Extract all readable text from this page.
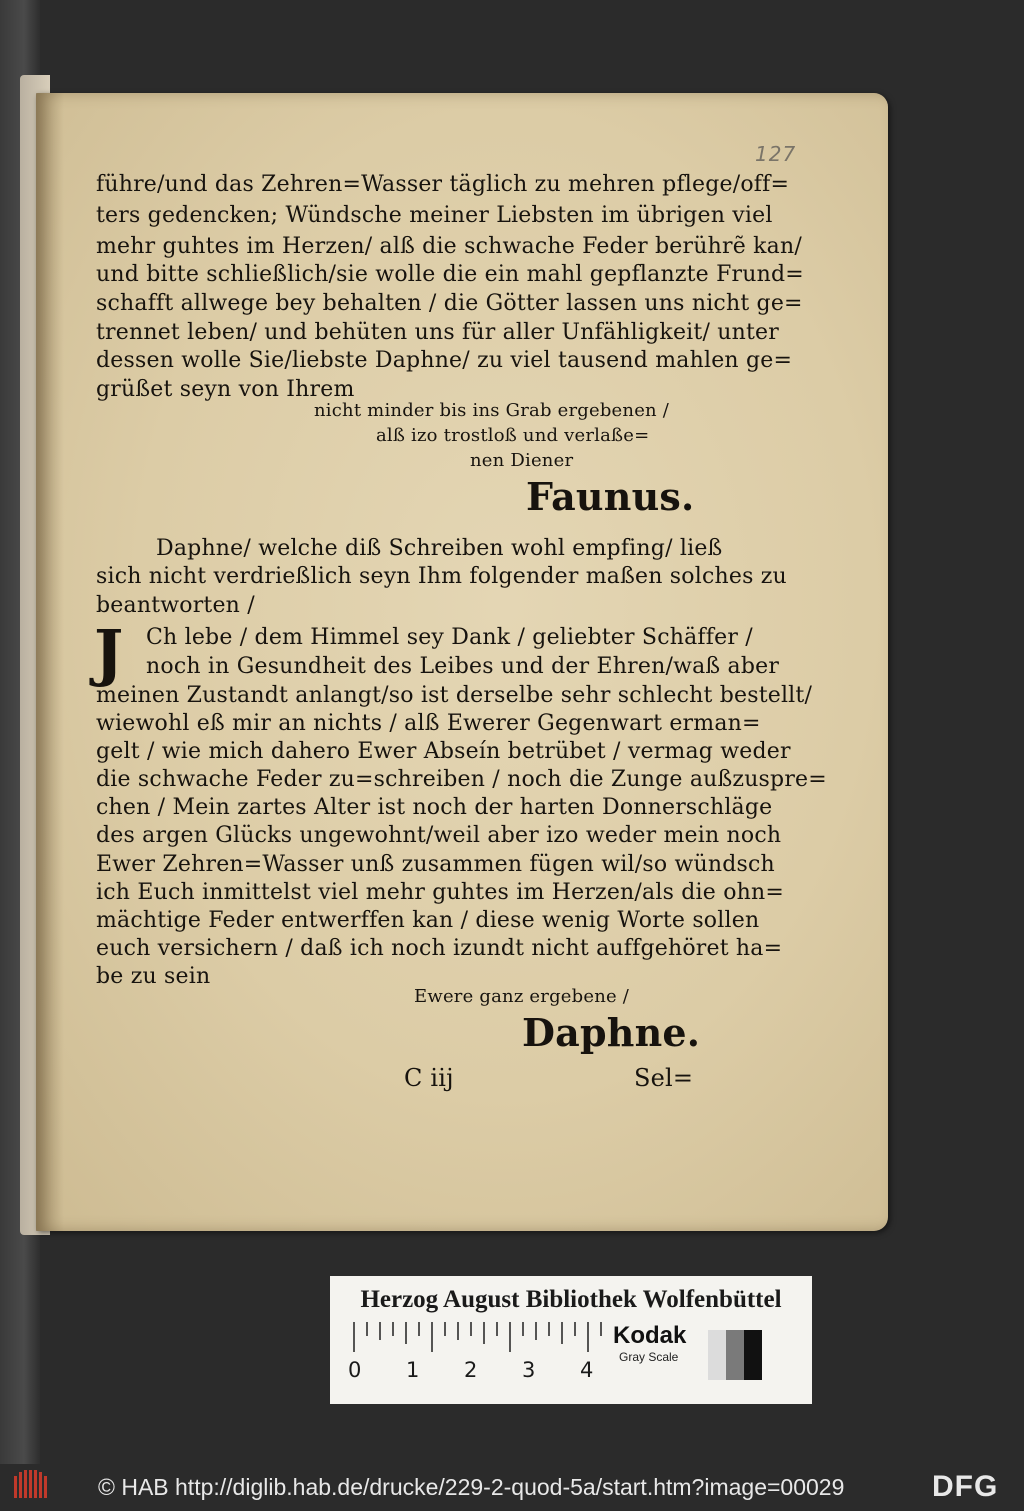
127
führe/und das Zehren=Wasser täglich zu mehren pflege/off=
ters gedencken; Wündsche meiner Liebsten im übrigen viel
mehr guhtes im Herzen/ alß die schwache Feder berührẽ kan/
und bitte schließlich/sie wolle die ein mahl gepflanzte Frund=
schafft allwege bey behalten / die Götter lassen uns nicht ge=
trennet leben/ und behüten uns für aller Unfähligkeit/ unter
dessen wolle Sie/liebste Daphne/ zu viel tausend mahlen ge=
grüßet seyn von Ihrem
nicht minder bis ins Grab ergebenen /
alß izo trostloß und verlaße=
nen Diener
Faunus.
Daphne/ welche diß Schreiben wohl empfing/ ließ
sich nicht verdrießlich seyn Ihm folgender maßen solches zu
beantworten /
Ch lebe / dem Himmel sey Dank / geliebter Schäffer /
noch in Gesundheit des Leibes und der Ehren/waß aber
meinen Zustandt anlangt/so ist derselbe sehr schlecht bestellt/
wiewohl eß mir an nichts / alß Ewerer Gegenwart erman=
gelt / wie mich dahero Ewer Abseín betrübet / vermag weder
die schwache Feder zu=schreiben / noch die Zunge außzuspre=
chen / Mein zartes Alter ist noch der harten Donnerschläge
des argen Glücks ungewohnt/weil aber izo weder mein noch
Ewer Zehren=Wasser unß zusammen fügen wil/so wündsch
ich Euch inmittelst viel mehr guhtes im Herzen/als die ohn=
mächtige Feder entwerffen kan / diese wenig Worte sollen
euch versichern / daß ich noch izundt nicht auffgehöret ha=
be zu sein
Ewere ganz ergebene /
Daphne.
C iij	Sel=
J
Herzog August Bibliothek Wolfenbüttel
0 1 2 3 4
Kodak
Gray Scale
© HAB http://diglib.hab.de/drucke/229-2-quod-5a/start.htm?image=00029	DFG
